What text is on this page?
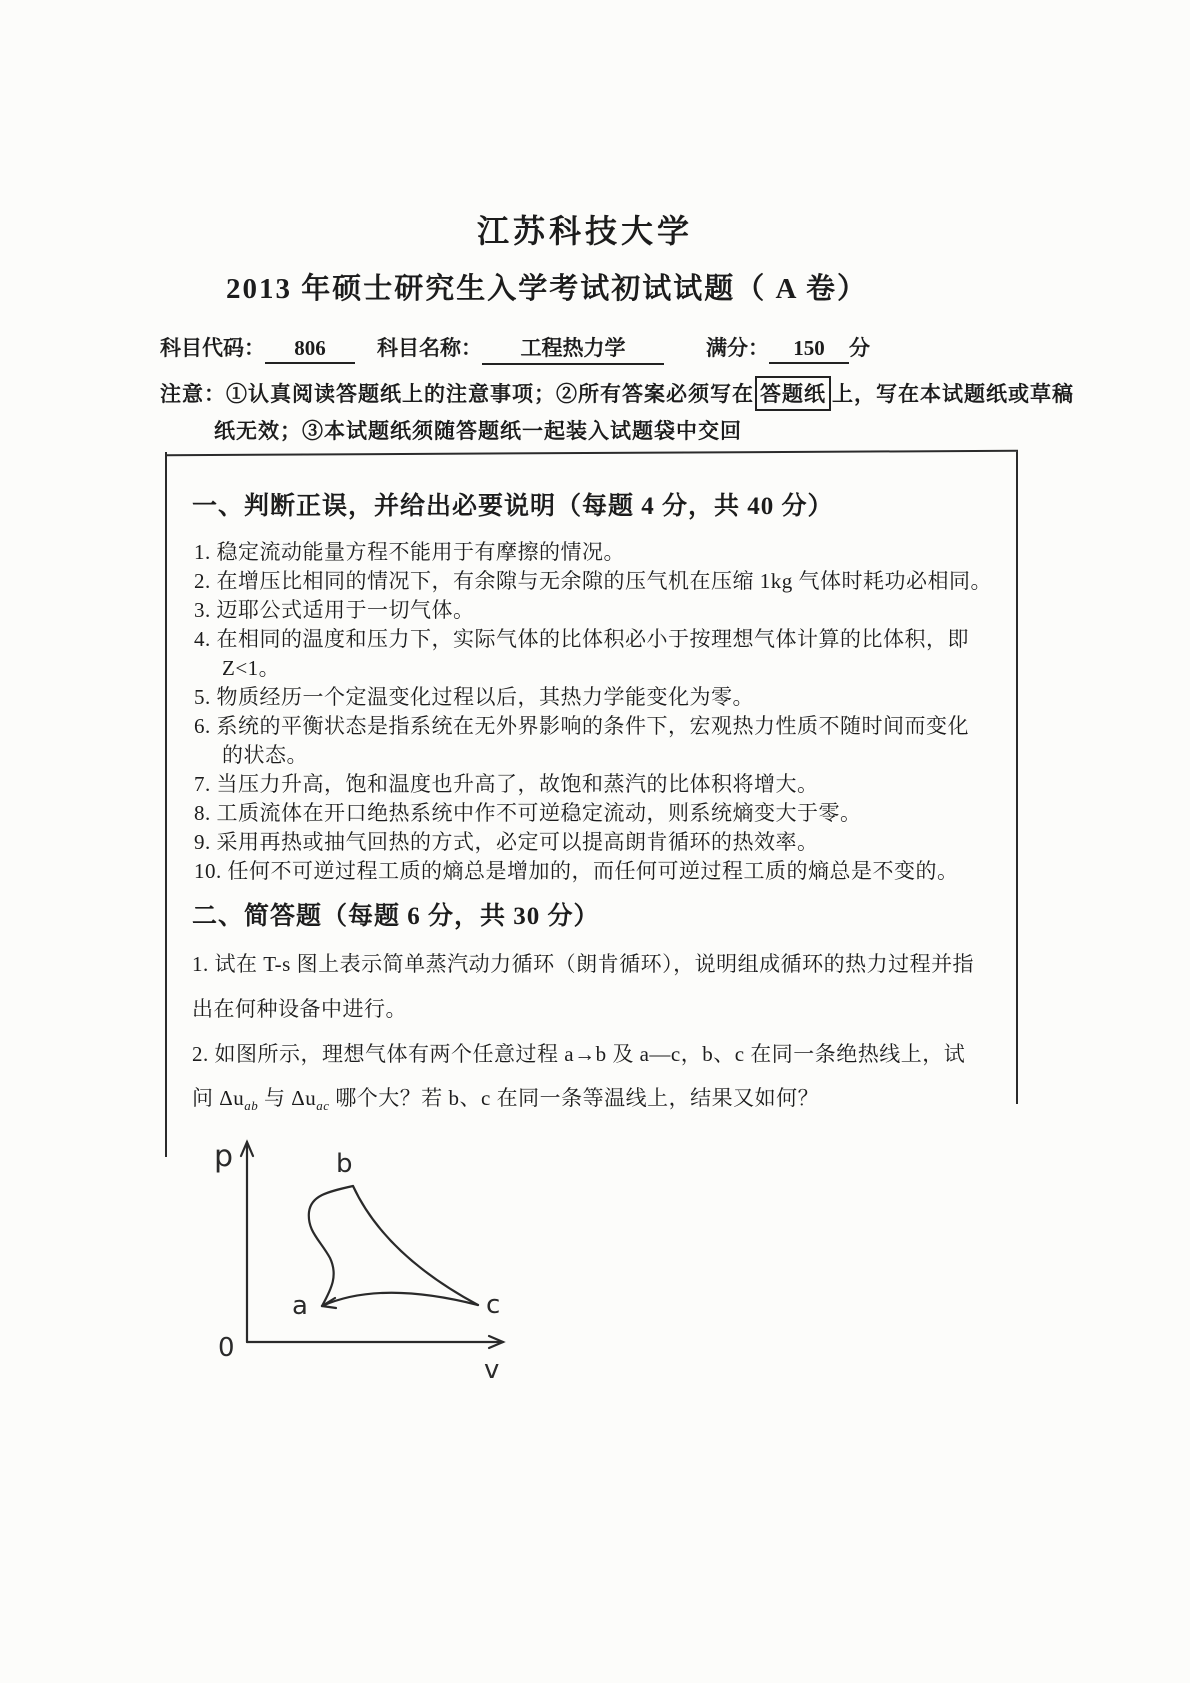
江苏科技大学
2013 年硕士研究生入学考试初试试题（ A 卷）
科目代码： 806 科目名称： 工程热力学	满分： 150 分
注意：①认真阅读答题纸上的注意事项；②所有答案必须写在 答题纸 上，写在本试题纸或草稿
纸无效；③本试题纸须随答题纸一起装入试题袋中交回
一、判断正误，并给出必要说明（每题 4 分，共 40 分）
1. 稳定流动能量方程不能用于有摩擦的情况。
2. 在增压比相同的情况下，有余隙与无余隙的压气机在压缩 1kg 气体时耗功必相同。
3. 迈耶公式适用于一切气体。
4. 在相同的温度和压力下，实际气体的比体积必小于按理想气体计算的比体积，即
Z<1。
5. 物质经历一个定温变化过程以后，其热力学能变化为零。
6. 系统的平衡状态是指系统在无外界影响的条件下，宏观热力性质不随时间而变化
的状态。
7. 当压力升高，饱和温度也升高了，故饱和蒸汽的比体积将增大。
8. 工质流体在开口绝热系统中作不可逆稳定流动，则系统熵变大于零。
9. 采用再热或抽气回热的方式，必定可以提高朗肯循环的热效率。
10. 任何不可逆过程工质的熵总是增加的，而任何可逆过程工质的熵总是不变的。
二、简答题（每题 6 分，共 30 分）
1. 试在 T-s 图上表示简单蒸汽动力循环（朗肯循环），说明组成循环的热力过程并指
出在何种设备中进行。
2. 如图所示，理想气体有两个任意过程 a→b 及 a—c，b、c 在同一条绝热线上，试
问 $\Delta u_{ab}$ 与 $\Delta u_{ac}$ 哪个大？若 b、c 在同一条等温线上，结果又如何？
p
v
0
a
b
c
